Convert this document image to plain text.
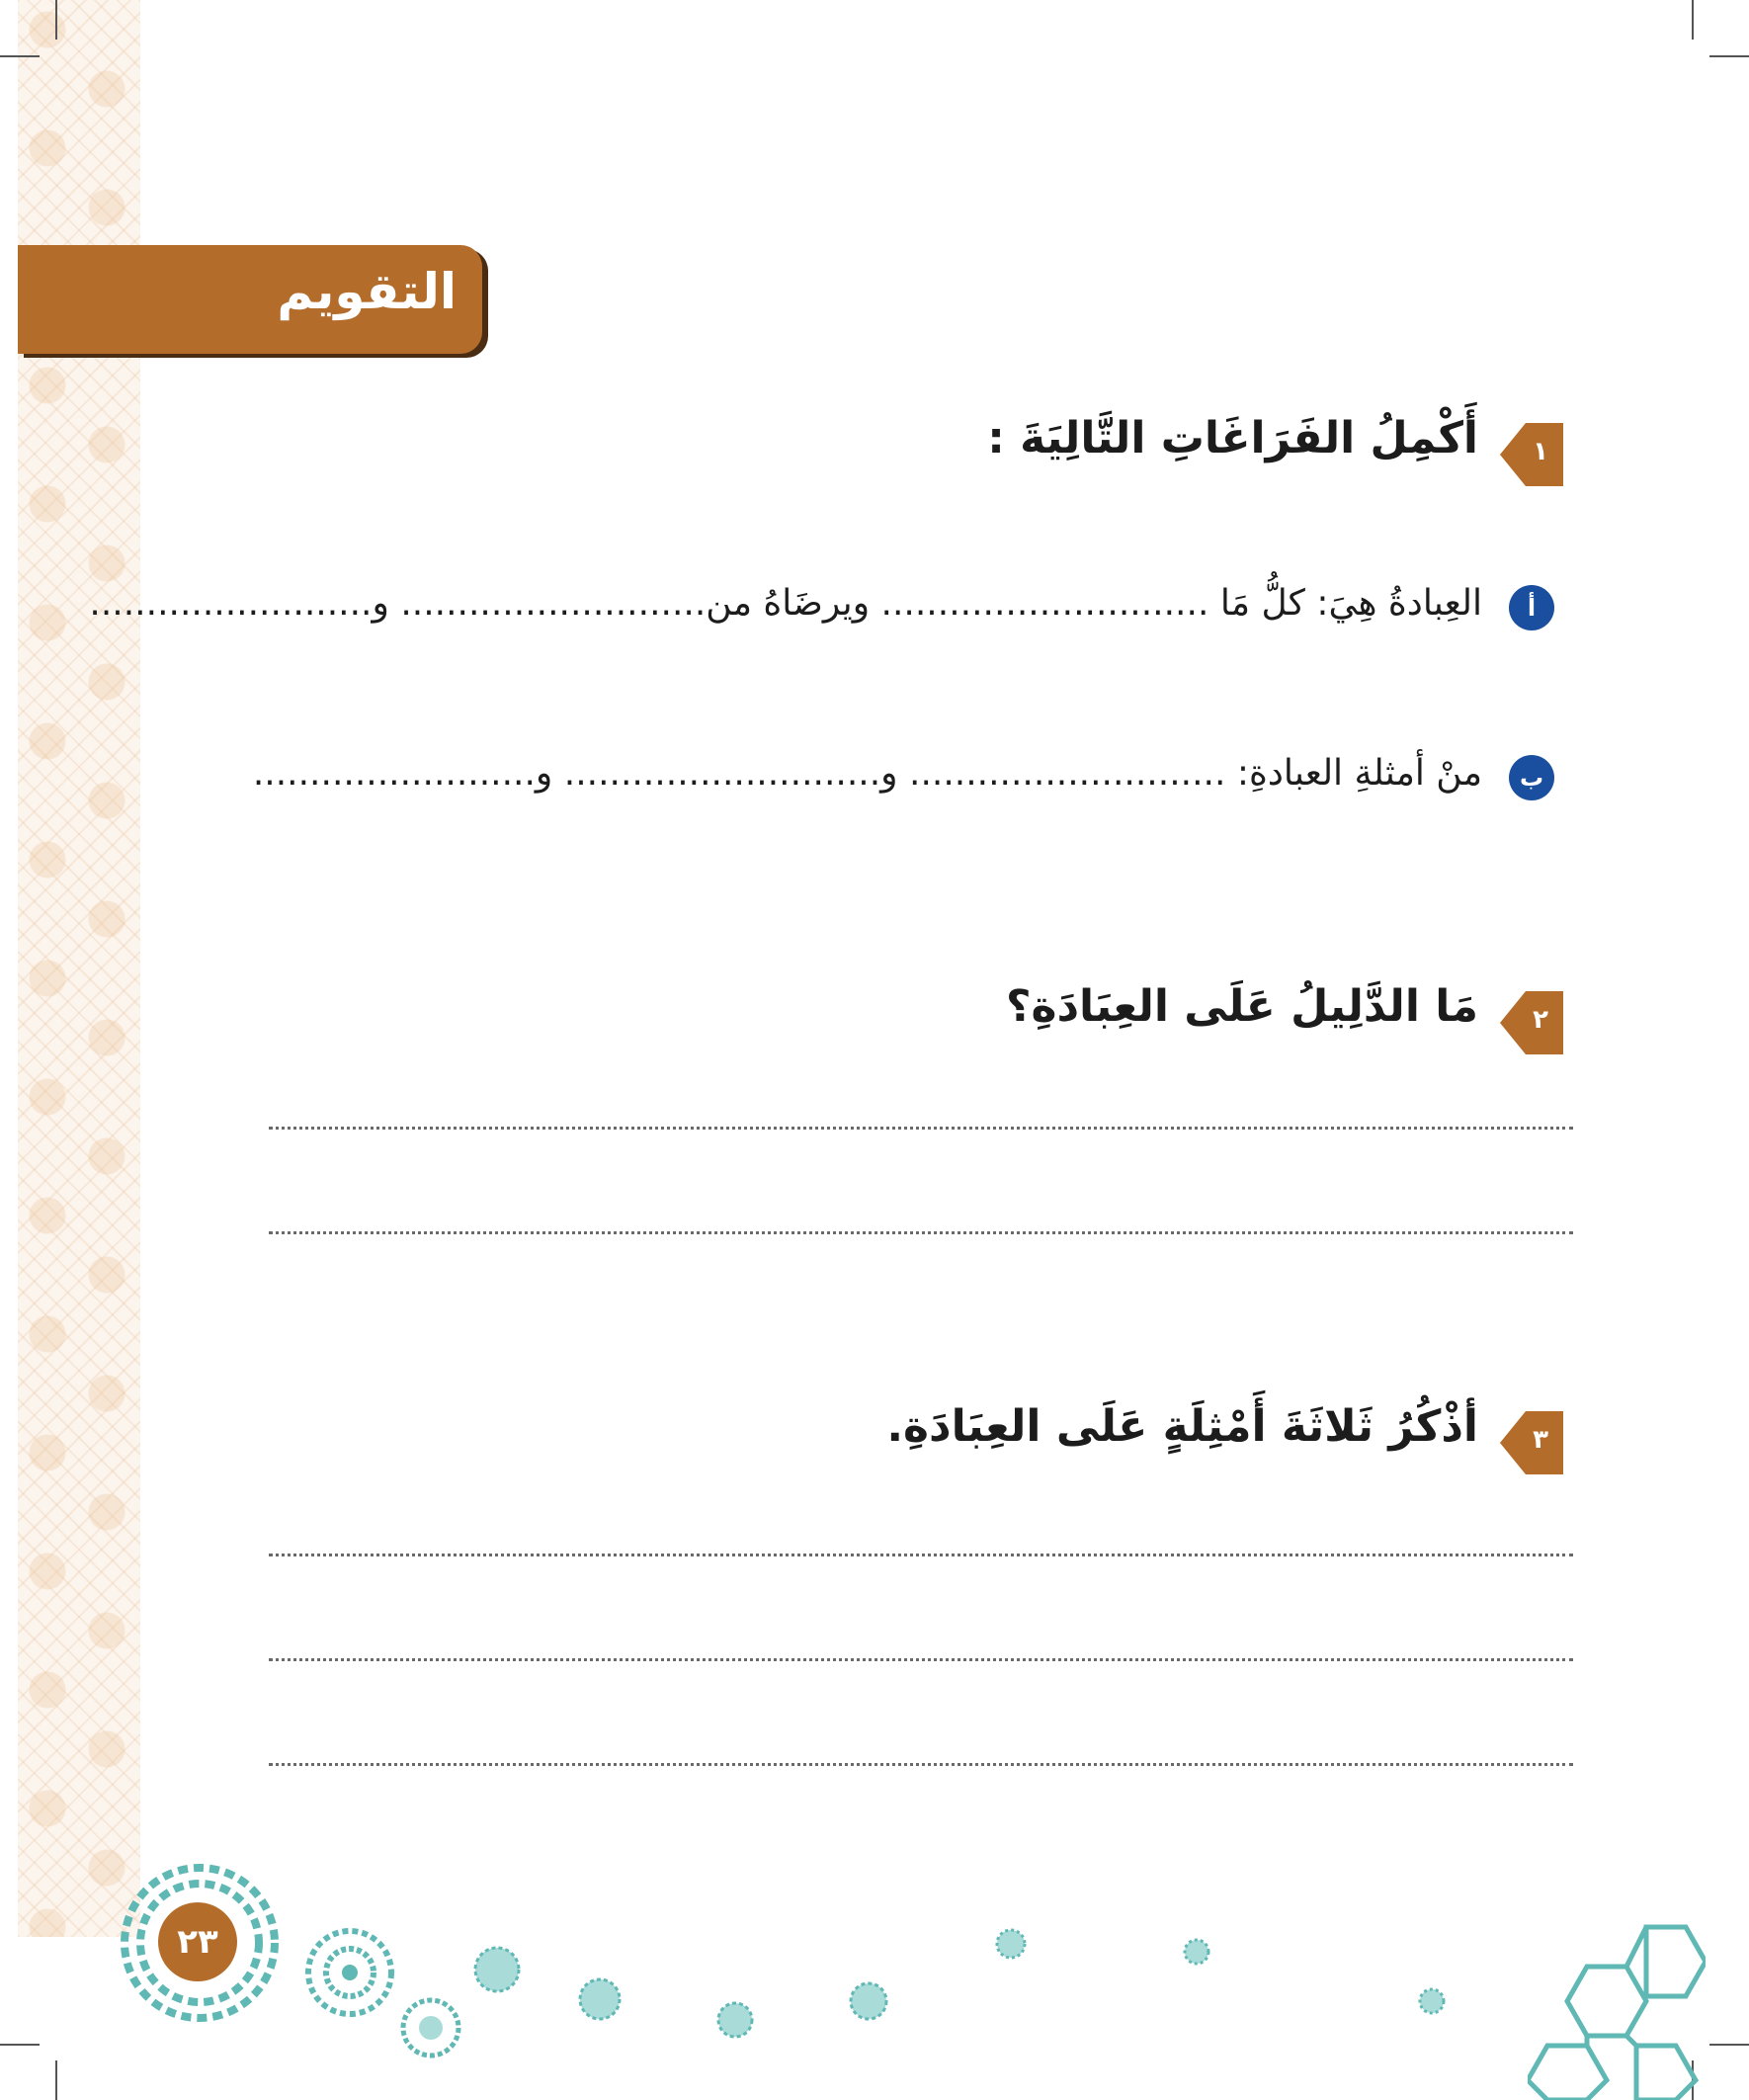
التقويم
١
أَكْمِلُ الفَرَاغَاتِ التَّالِيَةَ :
أ
العِبادةُ هِيَ: كلُّ مَا ............................. ويرضَاهُ من........................... و.........................
ب
منْ أمثلةِ العبادةِ: ............................ و............................ و.........................
٢
مَا الدَّلِيلُ عَلَى العِبَادَةِ؟
٣
أذْكُرُ ثَلاثَةَ أَمْثِلَةٍ عَلَى العِبَادَةِ.
٢٣
